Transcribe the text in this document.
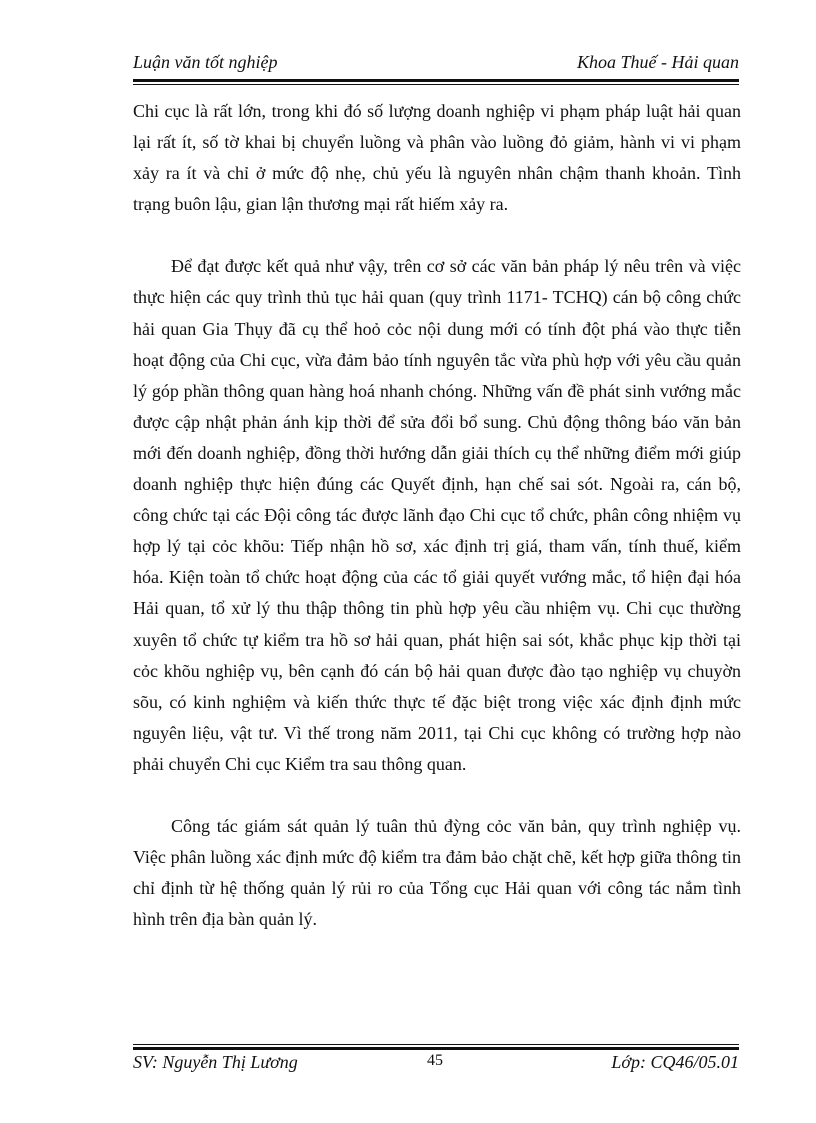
Luận văn tốt nghiệp	Khoa Thuế - Hải quan

Chi cục là rất lớn, trong khi đó số lượng doanh nghiệp vi phạm pháp luật hải quan lại rất ít, số tờ khai bị chuyển luồng và phân vào luồng đỏ giảm, hành vi vi phạm xảy ra ít và chỉ ở mức độ nhẹ, chủ yếu là nguyên nhân chậm thanh khoản. Tình trạng buôn lậu, gian lận thương mại rất hiếm xảy ra.

Để đạt được kết quả như vậy, trên cơ sở các văn bản pháp lý nêu trên và việc thực hiện các quy trình thủ tục hải quan (quy trình 1171- TCHQ) cán bộ công chức hải quan Gia Thụy đã cụ thể hoỏ cỏc nội dung mới có tính đột phá vào thực tiễn hoạt động của Chi cục, vừa đảm bảo tính nguyên tắc vừa phù hợp với yêu cầu quản lý góp phần thông quan hàng hoá nhanh chóng. Những vấn đề phát sinh vướng mắc được cập nhật phản ánh kịp thời để sửa đổi bổ sung. Chủ động thông báo văn bản mới đến doanh nghiệp, đồng thời hướng dẫn giải thích cụ thể những điểm mới giúp doanh nghiệp thực hiện đúng các Quyết định, hạn chế sai sót. Ngoài ra, cán bộ, công chức tại các Đội công tác được lãnh đạo Chi cục tổ chức, phân công nhiệm vụ hợp lý tại cỏc khõu: Tiếp nhận hồ sơ, xác định trị giá, tham vấn, tính thuế, kiểm hóa. Kiện toàn tổ chức hoạt động của các tổ giải quyết vướng mắc, tổ hiện đại hóa Hải quan, tổ xử lý thu thập thông tin phù hợp yêu cầu nhiệm vụ. Chi cục thường xuyên tổ chức tự kiểm tra hồ sơ hải quan, phát hiện sai sót, khắc phục kịp thời tại cỏc khõu nghiệp vụ, bên cạnh đó cán bộ hải quan được đào tạo nghiệp vụ chuyờn sõu, có kinh nghiệm và kiến thức thực tế đặc biệt trong việc xác định định mức nguyên liệu, vật tư. Vì thế trong năm 2011, tại Chi cục không có trường hợp nào phải chuyển Chi cục Kiểm tra sau thông quan.

Công tác giám sát quản lý tuân thủ đỳng cỏc văn bản, quy trình nghiệp vụ. Việc phân luồng xác định mức độ kiểm tra đảm bảo chặt chẽ, kết hợp giữa thông tin chỉ định từ hệ thống quản lý rủi ro của Tổng cục Hải quan với công tác nắm tình hình trên địa bàn quản lý.

SV: Nguyễn Thị Lương	45	Lớp: CQ46/05.01
